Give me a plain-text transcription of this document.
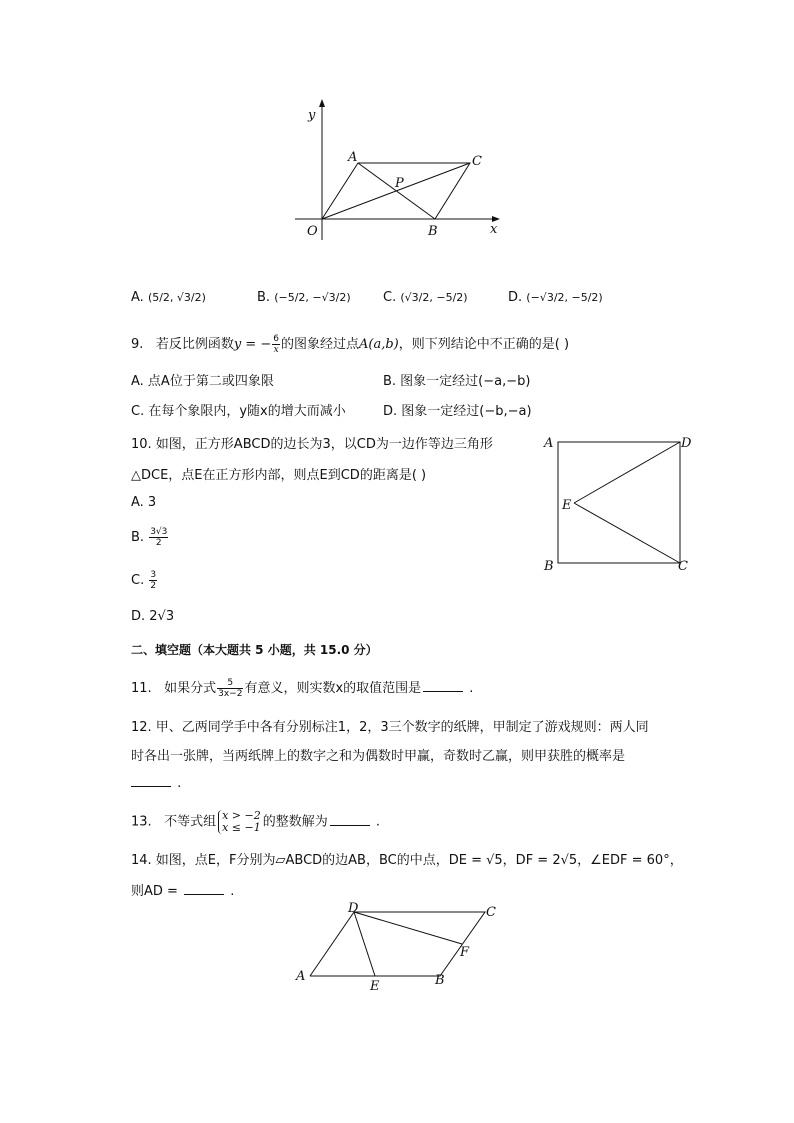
y
x
O
A	C
P
B
A. (5/2, √3/2)	B. (−5/2, −√3/2) C. (√3/2, −5/2)	D. (−√3/2, −5/2)
9. 若反比例函数y = − $\frac{6}{x}$ 的图象经过点A(a,b)，则下列结论中不正确的是( )
A. 点A位于第二或四象限	B. 图象一定经过(−a,−b)
C. 在每个象限内，y随x的增大而减小	D. 图象一定经过(−b,−a)
10. 如图，正方形ABCD的边长为3，以CD为一边作等边三角形
△DCE，点E在正方形内部，则点E到CD的距离是( )
A. 3
B. $\frac{3√3}{2}$
C. $\frac{3}{2}$
D. 2√3
A	D
E
B	C
二、填空题（本大题共 5 小题，共 15.0 分）
11. 如果分式 $\frac{5}{3x-2}$ 有意义，则实数x的取值范围是	.
12. 甲、乙两同学手中各有分别标注1，2，3三个数字的纸牌，甲制定了游戏规则：两人同
时各出一张牌，当两纸牌上的数字之和为偶数时甲赢，奇数时乙赢，则甲获胜的概率是
.
13. 不等式组 x > −2
x ≤ −1 的整数解为	.
14. 如图，点E，F分别为▱ABCD的边AB，BC的中点，DE = √5，DF = 2√5，∠EDF = 60°，
则AD =	.
D	C
F
A
E	B
